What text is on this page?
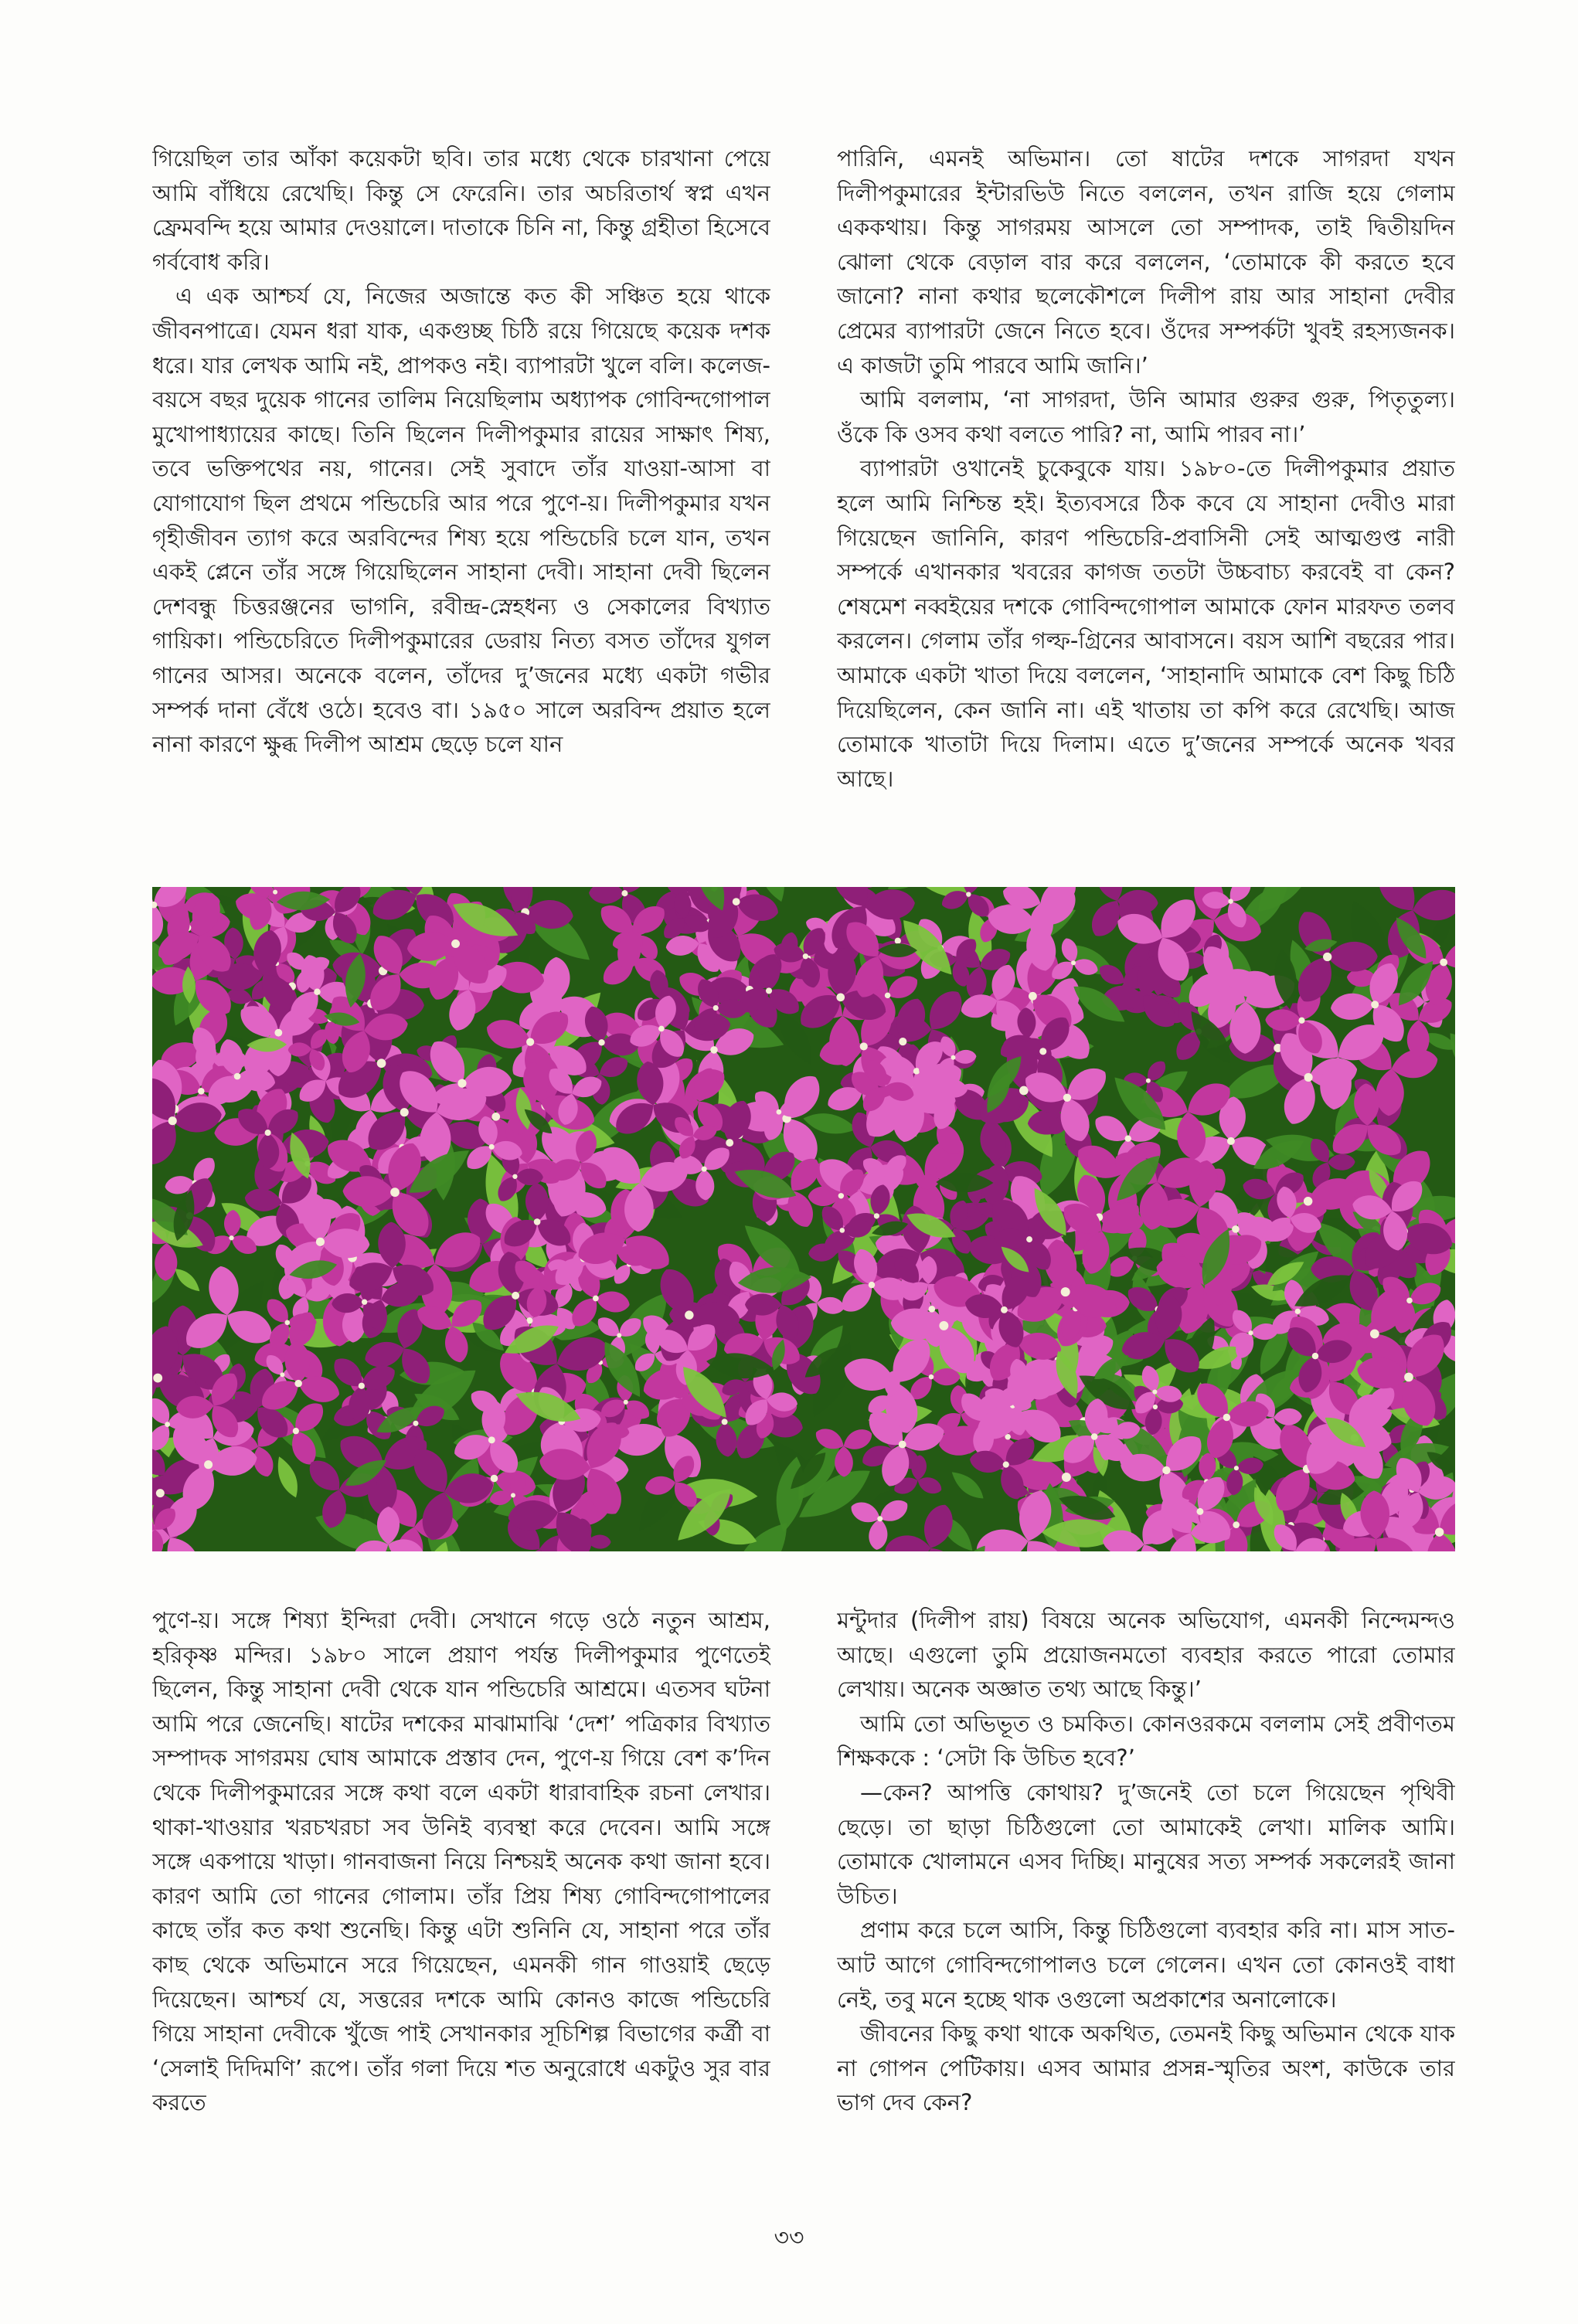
গিয়েছিল তার আঁকা কয়েকটা ছবি। তার মধ্যে থেকে চারখানা পেয়ে আমি বাঁধিয়ে রেখেছি। কিন্তু সে ফেরেনি। তার অচরিতার্থ স্বপ্ন এখন ফ্রেমবন্দি হয়ে আমার দেওয়ালে। দাতাকে চিনি না, কিন্তু গ্রহীতা হিসেবে গর্ববোধ করি।

এ এক আশ্চর্য যে, নিজের অজান্তে কত কী সঞ্চিত হয়ে থাকে জীবনপাত্রে। যেমন ধরা যাক, একগুচ্ছ চিঠি রয়ে গিয়েছে কয়েক দশক ধরে। যার লেখক আমি নই, প্রাপকও নই। ব্যাপারটা খুলে বলি। কলেজ-বয়সে বছর দুয়েক গানের তালিম নিয়েছিলাম অধ্যাপক গোবিন্দগোপাল মুখোপাধ্যায়ের কাছে। তিনি ছিলেন দিলীপকুমার রায়ের সাক্ষাৎ শিষ্য, তবে ভক্তিপথের নয়, গানের। সেই সুবাদে তাঁর যাওয়া-আসা বা যোগাযোগ ছিল প্রথমে পন্ডিচেরি আর পরে পুণে-য়। দিলীপকুমার যখন গৃহীজীবন ত্যাগ করে অরবিন্দের শিষ্য হয়ে পন্ডিচেরি চলে যান, তখন একই প্লেনে তাঁর সঙ্গে গিয়েছিলেন সাহানা দেবী। সাহানা দেবী ছিলেন দেশবন্ধু চিত্তরঞ্জনের ভাগনি, রবীন্দ্র-স্নেহধন্য ও সেকালের বিখ্যাত গায়িকা। পন্ডিচেরিতে দিলীপকুমারের ডেরায় নিত্য বসত তাঁদের যুগল গানের আসর। অনেকে বলেন, তাঁদের দু’জনের মধ্যে একটা গভীর সম্পর্ক দানা বেঁধে ওঠে। হবেও বা। ১৯৫০ সালে অরবিন্দ প্রয়াত হলে নানা কারণে ক্ষুব্ধ দিলীপ আশ্রম ছেড়ে চলে যান

পারিনি, এমনই অভিমান। তো ষাটের দশকে সাগরদা যখন দিলীপকুমারের ইন্টারভিউ নিতে বললেন, তখন রাজি হয়ে গেলাম এককথায়। কিন্তু সাগরময় আসলে তো সম্পাদক, তাই দ্বিতীয়দিন ঝোলা থেকে বেড়াল বার করে বললেন, ‘তোমাকে কী করতে হবে জানো? নানা কথার ছলেকৌশলে দিলীপ রায় আর সাহানা দেবীর প্রেমের ব্যাপারটা জেনে নিতে হবে। ওঁদের সম্পর্কটা খুবই রহস্যজনক। এ কাজটা তুমি পারবে আমি জানি।’

আমি বললাম, ‘না সাগরদা, উনি আমার গুরুর গুরু, পিতৃতুল্য। ওঁকে কি ওসব কথা বলতে পারি? না, আমি পারব না।’

ব্যাপারটা ওখানেই চুকেবুকে যায়। ১৯৮০-তে দিলীপকুমার প্রয়াত হলে আমি নিশ্চিন্ত হই। ইত্যবসরে ঠিক কবে যে সাহানা দেবীও মারা গিয়েছেন জানিনি, কারণ পন্ডিচেরি-প্রবাসিনী সেই আত্মগুপ্ত নারী সম্পর্কে এখানকার খবরের কাগজ ততটা উচ্চবাচ্য করবেই বা কেন? শেষমেশ নব্বইয়ের দশকে গোবিন্দগোপাল আমাকে ফোন মারফত তলব করলেন। গেলাম তাঁর গল্ফ-গ্রিনের আবাসনে। বয়স আশি বছরের পার। আমাকে একটা খাতা দিয়ে বললেন, ‘সাহানাদি আমাকে বেশ কিছু চিঠি দিয়েছিলেন, কেন জানি না। এই খাতায় তা কপি করে রেখেছি। আজ তোমাকে খাতাটা দিয়ে দিলাম। এতে দু’জনের সম্পর্কে অনেক খবর আছে।

পুণে-য়। সঙ্গে শিষ্যা ইন্দিরা দেবী। সেখানে গড়ে ওঠে নতুন আশ্রম, হরিকৃষ্ণ মন্দির। ১৯৮০ সালে প্রয়াণ পর্যন্ত দিলীপকুমার পুণেতেই ছিলেন, কিন্তু সাহানা দেবী থেকে যান পন্ডিচেরি আশ্রমে। এতসব ঘটনা আমি পরে জেনেছি। ষাটের দশকের মাঝামাঝি ‘দেশ’ পত্রিকার বিখ্যাত সম্পাদক সাগরময় ঘোষ আমাকে প্রস্তাব দেন, পুণে-য় গিয়ে বেশ ক’দিন থেকে দিলীপকুমারের সঙ্গে কথা বলে একটা ধারাবাহিক রচনা লেখার। থাকা-খাওয়ার খরচখরচা সব উনিই ব্যবস্থা করে দেবেন। আমি সঙ্গে সঙ্গে একপায়ে খাড়া। গানবাজনা নিয়ে নিশ্চয়ই অনেক কথা জানা হবে। কারণ আমি তো গানের গোলাম। তাঁর প্রিয় শিষ্য গোবিন্দগোপালের কাছে তাঁর কত কথা শুনেছি। কিন্তু এটা শুনিনি যে, সাহানা পরে তাঁর কাছ থেকে অভিমানে সরে গিয়েছেন, এমনকী গান গাওয়াই ছেড়ে দিয়েছেন। আশ্চর্য যে, সত্তরের দশকে আমি কোনও কাজে পন্ডিচেরি গিয়ে সাহানা দেবীকে খুঁজে পাই সেখানকার সূচিশিল্প বিভাগের কর্ত্রী বা ‘সেলাই দিদিমণি’ রূপে। তাঁর গলা দিয়ে শত অনুরোধে একটুও সুর বার করতে

মন্টুদার (দিলীপ রায়) বিষয়ে অনেক অভিযোগ, এমনকী নিন্দেমন্দও আছে। এগুলো তুমি প্রয়োজনমতো ব্যবহার করতে পারো তোমার লেখায়। অনেক অজ্ঞাত তথ্য আছে কিন্তু।’

আমি তো অভিভূত ও চমকিত। কোনওরকমে বললাম সেই প্রবীণতম শিক্ষককে : ‘সেটা কি উচিত হবে?’

—কেন? আপত্তি কোথায়? দু’জনেই তো চলে গিয়েছেন পৃথিবী ছেড়ে। তা ছাড়া চিঠিগুলো তো আমাকেই লেখা। মালিক আমি। তোমাকে খোলামনে এসব দিচ্ছি। মানুষের সত্য সম্পর্ক সকলেরই জানা উচিত।

প্রণাম করে চলে আসি, কিন্তু চিঠিগুলো ব্যবহার করি না। মাস সাত-আট আগে গোবিন্দগোপালও চলে গেলেন। এখন তো কোনওই বাধা নেই, তবু মনে হচ্ছে থাক ওগুলো অপ্রকাশের অনালোকে।

জীবনের কিছু কথা থাকে অকথিত, তেমনই কিছু অভিমান থেকে যাক না গোপন পেটিকায়। এসব আমার প্রসন্ন-স্মৃতির অংশ, কাউকে তার ভাগ দেব কেন?

৩৩
